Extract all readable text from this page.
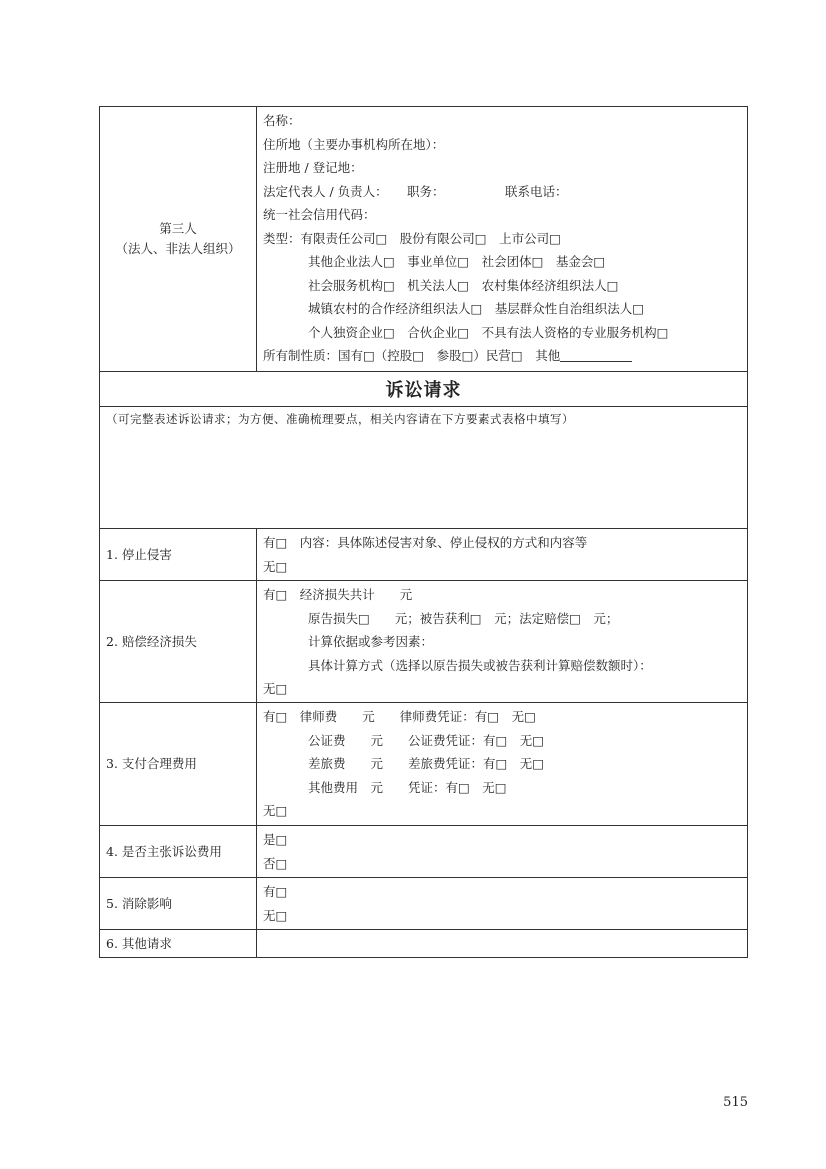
第三人
（法人、非法人组织）
名称：
住所地（主要办事机构所在地）：
注册地 / 登记地：
法定代表人 / 负责人： 职务：	联系电话：
统一社会信用代码：
类型：有限责任公司□　股份有限公司□　上市公司□
其他企业法人□　事业单位□　社会团体□　基金会□
社会服务机构□　机关法人□　农村集体经济组织法人□
城镇农村的合作经济组织法人□　基层群众性自治组织法人□
个人独资企业□　合伙企业□　不具有法人资格的专业服务机构□
所有制性质：国有□（控股□　参股□）民营□　其他
诉讼请求
（可完整表述诉讼请求；为方便、准确梳理要点，相关内容请在下方要素式表格中填写）
1. 停止侵害
有□　内容：具体陈述侵害对象、停止侵权的方式和内容等
无□
2. 赔偿经济损失
有□　经济损失共计　　元
原告损失□　　元；被告获利□　元；法定赔偿□　元；
计算依据或参考因素：
具体计算方式（选择以原告损失或被告获利计算赔偿数额时）：
无□
3. 支付合理费用
有□　律师费　　元　　律师费凭证：有□　无□
公证费　　元　　公证费凭证：有□　无□
差旅费　　元　　差旅费凭证：有□　无□
其他费用　元　　凭证：有□　无□
无□
4. 是否主张诉讼费用
是□
否□
5. 消除影响
有□
无□
6. 其他请求
515
